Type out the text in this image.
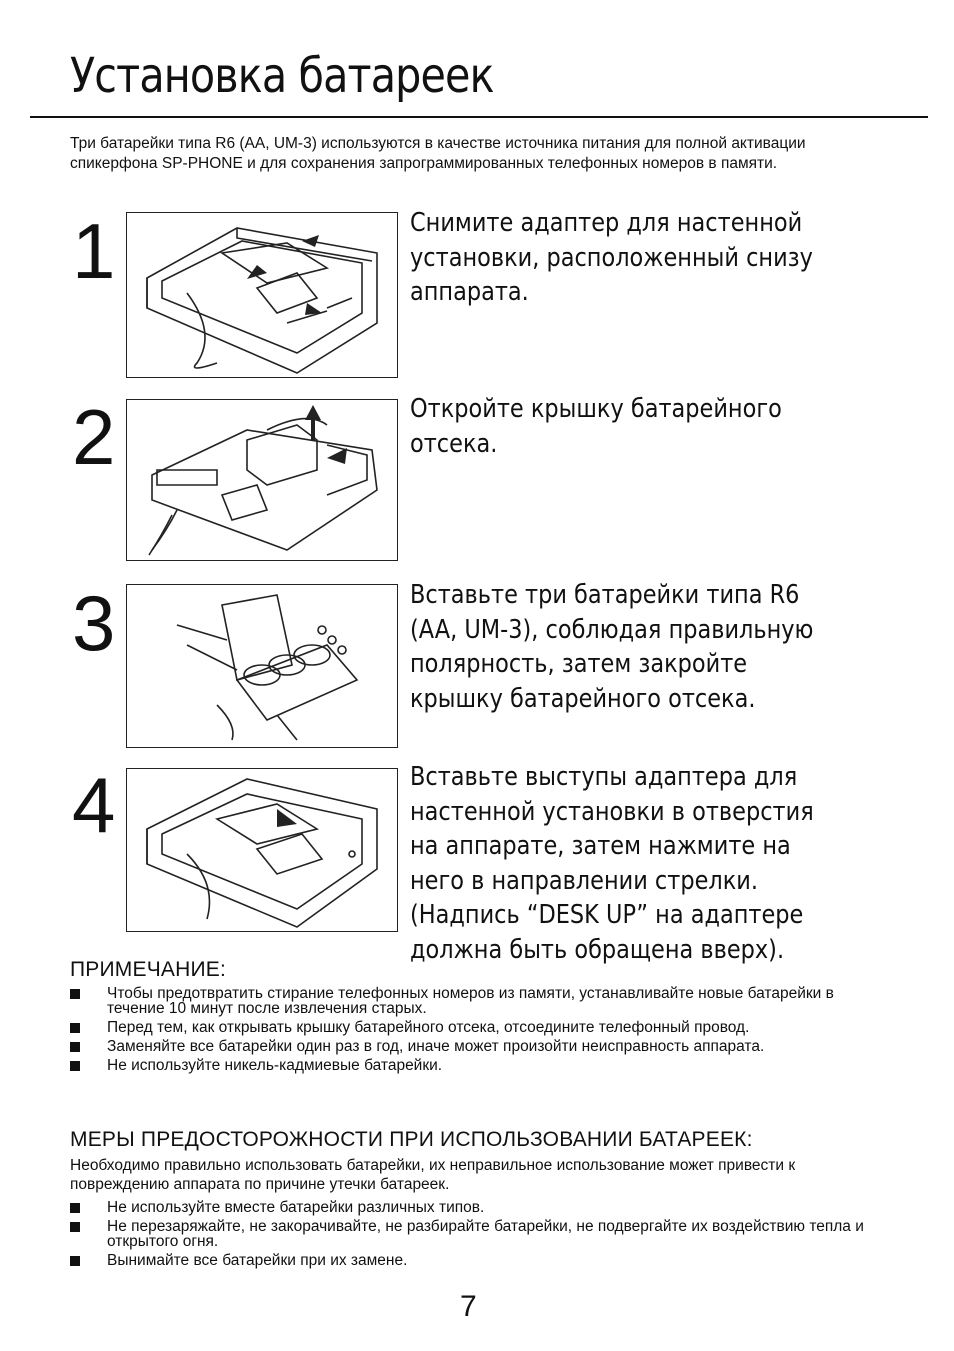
Установка батареек
Три батарейки типа R6 (AA, UM-3) используются в качестве источника питания для полной активации спикерфона SP-PHONE и для сохранения запрограммированных телефонных номеров в памяти.
1	Снимите адаптер для настенной установки, расположенный снизу аппарата.
2	Откройте крышку батарейного отсека.
3	Вставьте три батарейки типа R6 (AA, UM-3), соблюдая правильную полярность, затем закройте крышку батарейного отсека.
4	Вставьте выступы адаптера для настенной установки в отверстия на аппарате, затем нажмите на него в направлении стрелки. (Надпись “DESK UP” на адаптере должна быть обращена вверх).
ПРИМЕЧАНИЕ:
Чтобы предотвратить стирание телефонных номеров из памяти, устанавливайте новые батарейки в течение 10 минут после извлечения старых.
Перед тем, как открывать крышку батарейного отсека, отсоедините телефонный провод.
Заменяйте все батарейки один раз в год, иначе может произойти неисправность аппарата.
Не используйте никель-кадмиевые батарейки.
МЕРЫ ПРЕДОСТОРОЖНОСТИ ПРИ ИСПОЛЬЗОВАНИИ БАТАРЕЕК:
Необходимо правильно использовать батарейки, их неправильное использование может привести к повреждению аппарата по причине утечки батареек.
Не используйте вместе батарейки различных типов.
Не перезаряжайте, не закорачивайте, не разбирайте батарейки, не подвергайте их воздействию тепла и открытого огня.
Вынимайте все батарейки при их замене.
7
